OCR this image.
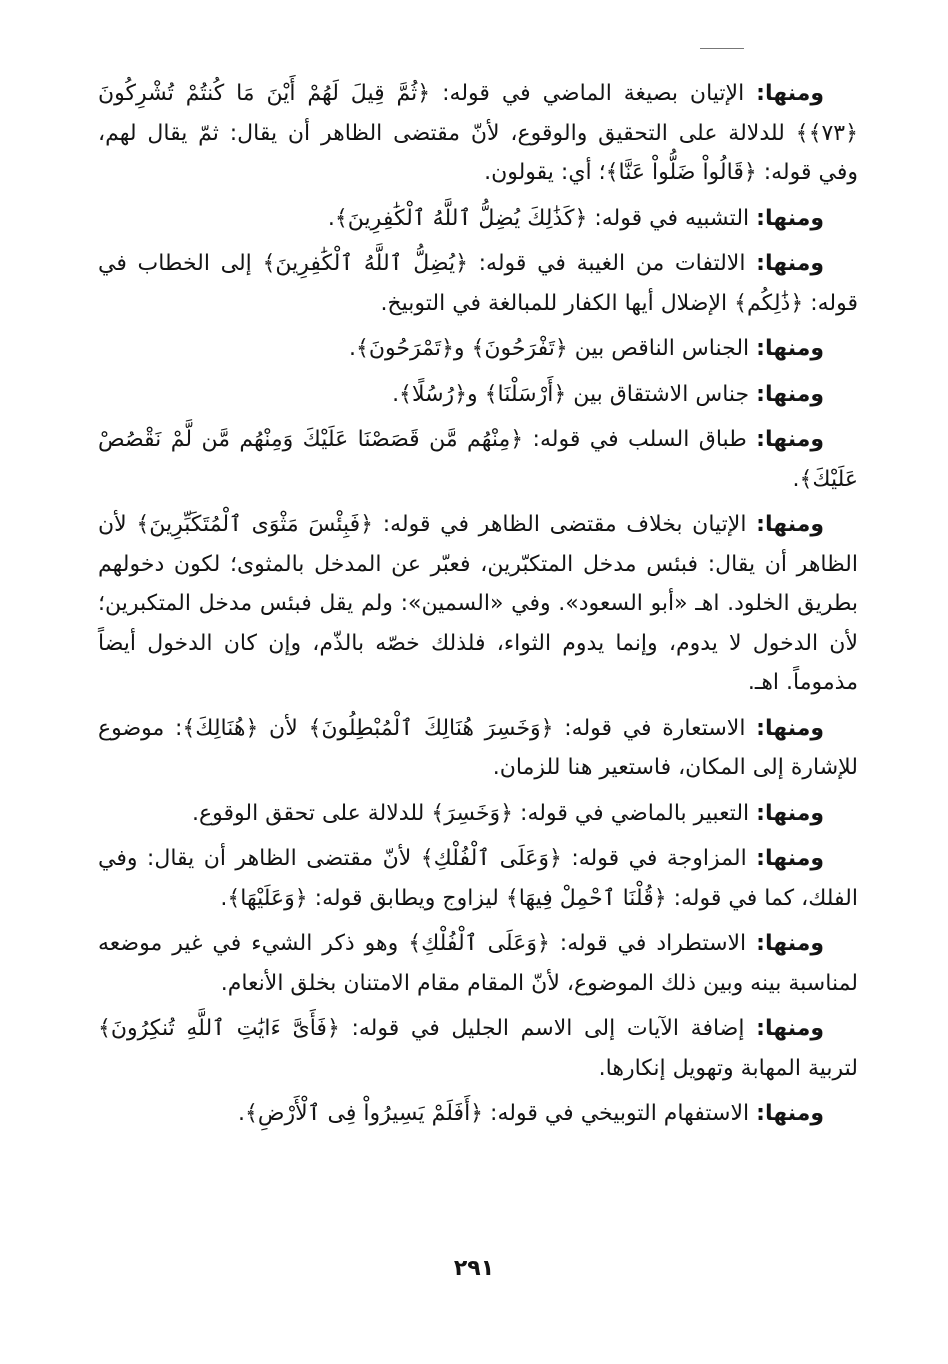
ومنها: الإتيان بصيغة الماضي في قوله: ﴿ثُمَّ قِيلَ لَهُمْ أَيْنَ مَا كُنتُمْ تُشْرِكُونَ ﴿٧٣﴾﴾ للدلالة على التحقيق والوقوع، لأنّ مقتضى الظاهر أن يقال: ثمّ يقال لهم، وفي قوله: ﴿قَالُواْ ضَلُّواْ عَنَّا﴾؛ أي: يقولون.

ومنها: التشبيه في قوله: ﴿كَذَٰلِكَ يُضِلُّ ٱللَّهُ ٱلْكَٰفِرِينَ﴾.

ومنها: الالتفات من الغيبة في قوله: ﴿يُضِلُّ ٱللَّهُ ٱلْكَٰفِرِينَ﴾ إلى الخطاب في قوله: ﴿ذَٰلِكُم﴾ الإضلال أيها الكفار للمبالغة في التوبيخ.

ومنها: الجناس الناقص بين ﴿تَفْرَحُونَ﴾ و﴿تَمْرَحُونَ﴾.

ومنها: جناس الاشتقاق بين ﴿أَرْسَلْنَا﴾ و﴿رُسُلًا﴾.

ومنها: طباق السلب في قوله: ﴿مِنْهُم مَّن قَصَصْنَا عَلَيْكَ وَمِنْهُم مَّن لَّمْ نَقْصُصْ عَلَيْكَ﴾.

ومنها: الإتيان بخلاف مقتضى الظاهر في قوله: ﴿فَبِئْسَ مَثْوَى ٱلْمُتَكَبِّرِينَ﴾ لأن الظاهر أن يقال: فبئس مدخل المتكبّرين، فعبّر عن المدخل بالمثوى؛ لكون دخولهم بطريق الخلود. اهـ «أبو السعود». وفي «السمين»: ولم يقل فبئس مدخل المتكبرين؛ لأن الدخول لا يدوم، وإنما يدوم الثواء، فلذلك خصّه بالذّم، وإن كان الدخول أيضاً مذموماً. اهـ.

ومنها: الاستعارة في قوله: ﴿وَخَسِرَ هُنَالِكَ ٱلْمُبْطِلُونَ﴾ لأن ﴿هُنَالِكَ﴾: موضوع للإشارة إلى المكان، فاستعير هنا للزمان.

ومنها: التعبير بالماضي في قوله: ﴿وَخَسِرَ﴾ للدلالة على تحقق الوقوع.

ومنها: المزاوجة في قوله: ﴿وَعَلَى ٱلْفُلْكِ﴾ لأنّ مقتضى الظاهر أن يقال: وفي الفلك، كما في قوله: ﴿قُلْنَا ٱحْمِلْ فِيهَا﴾ ليزاوج ويطابق قوله: ﴿وَعَلَيْهَا﴾.

ومنها: الاستطراد في قوله: ﴿وَعَلَى ٱلْفُلْكِ﴾ وهو ذكر الشيء في غير موضعه لمناسبة بينه وبين ذلك الموضوع، لأنّ المقام مقام الامتنان بخلق الأنعام.

ومنها: إضافة الآيات إلى الاسم الجليل في قوله: ﴿فَأَىَّ ءَايَٰتِ ٱللَّهِ تُنكِرُونَ﴾ لتربية المهابة وتهويل إنكارها.

ومنها: الاستفهام التوبيخي في قوله: ﴿أَفَلَمْ يَسِيرُواْ فِى ٱلْأَرْضِ﴾.

٢٩١
